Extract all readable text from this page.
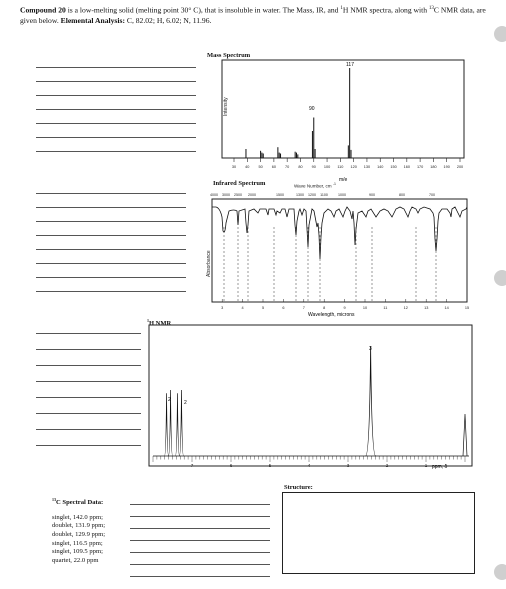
Compound 20 is a low-melting solid (melting point 30° C), that is insoluble in water. The Mass, IR, and $^1$H NMR spectra, along with $^{13}$C NMR data, are given below. Elemental Analysis: C, 82.02; H, 6.02; N, 11.96.
Mass Spectrum
Intensity
30 40 50 60 70 80 90 100 110 120 130 140 150 160 170 180 190 200
117
90
m/e
Infrared Spectrum	Wave Number, cm $^{-1}$
4000 3000 2500 2000	1500	1300 1200 1100	1000	900	800	700
Absorbance
3	4	5	6	7	8	9	10	11	12	13	14	15
Wavelength, microns
$^1$H NMR
7	6	5	4	3	2	1
2	2
3
ppm, δ
$^{13}$C Spectral Data:
singlet, 142.0 ppm;
doublet, 131.9 ppm;
doublet, 129.9 ppm;
singlet, 116.5 ppm;
singlet, 109.5 ppm;
quartet, 22.0 ppm
Structure:
